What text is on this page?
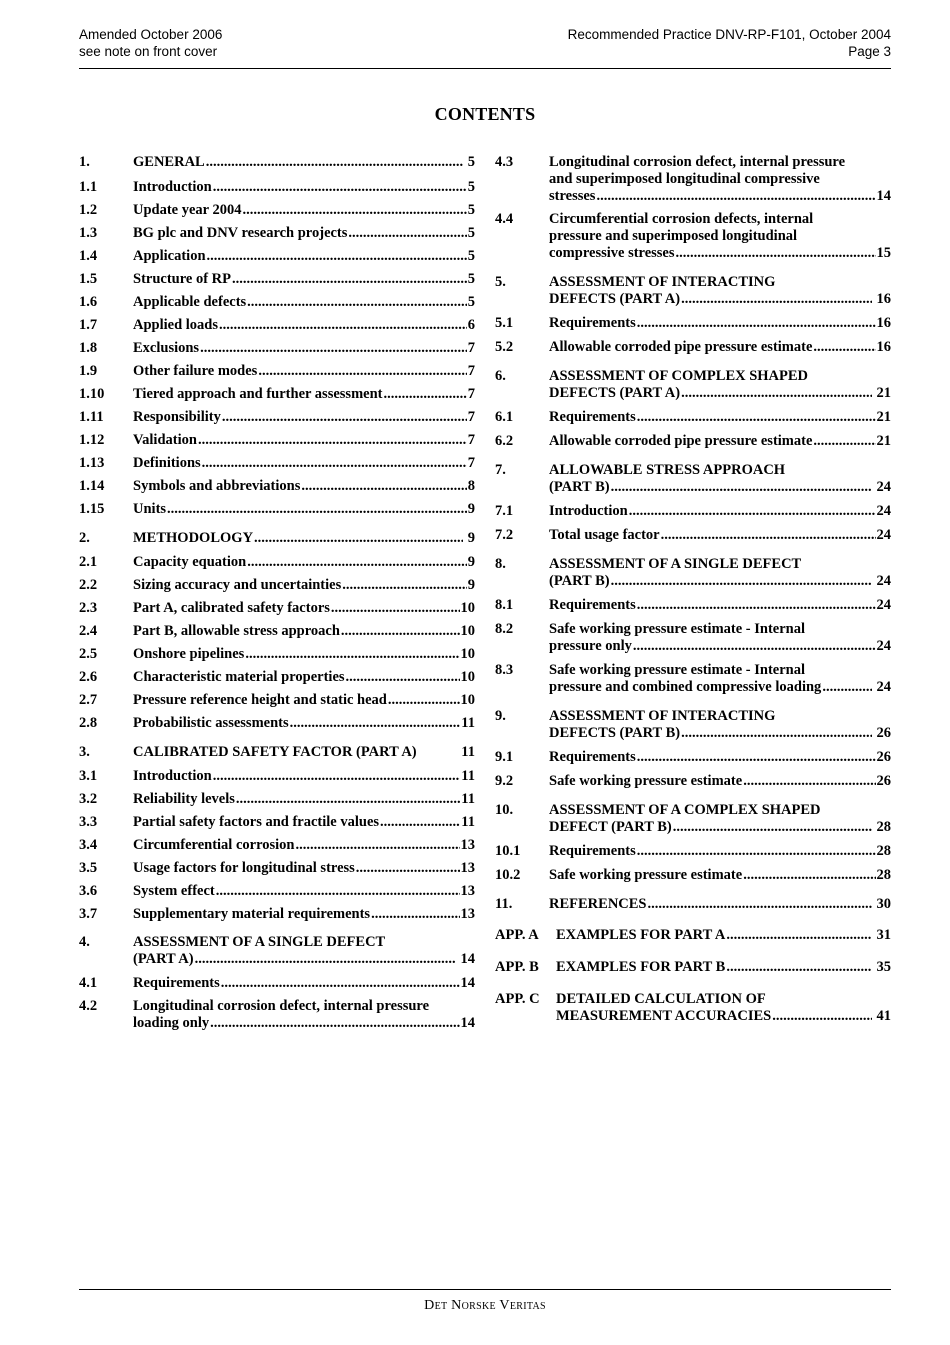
Amended October 2006
see note on front cover
Recommended Practice DNV-RP-F101, October 2004
Page 3
CONTENTS
1.	GENERAL .....	5
1.1	Introduction .....	5
1.2	Update year 2004 .....	5
1.3	BG plc and DNV research projects .....	5
1.4	Application .....	5
1.5	Structure of RP .....	5
1.6	Applicable defects .....	5
1.7	Applied loads .....	6
1.8	Exclusions .....	7
1.9	Other failure modes .....	7
1.10	Tiered approach and further assessment .....	7
1.11	Responsibility .....	7
1.12	Validation .....	7
1.13	Definitions .....	7
1.14	Symbols and abbreviations .....	8
1.15	Units .....	9
2.	METHODOLOGY .....	9
2.1	Capacity equation .....	9
2.2	Sizing accuracy and uncertainties .....	9
2.3	Part A, calibrated safety factors .....	10
2.4	Part B, allowable stress approach .....	10
2.5	Onshore pipelines .....	10
2.6	Characteristic material properties .....	10
2.7	Pressure reference height and static head .....	10
2.8	Probabilistic assessments .....	11
3.	CALIBRATED SAFETY FACTOR (PART A)	11
3.1	Introduction .....	11
3.2	Reliability levels .....	11
3.3	Partial safety factors and fractile values .....	11
3.4	Circumferential corrosion .....	13
3.5	Usage factors for longitudinal stress .....	13
3.6	System effect .....	13
3.7	Supplementary material requirements .....	13
4.	ASSESSMENT OF A SINGLE DEFECT
(PART A) .....	14
4.1	Requirements .....	14
4.2	Longitudinal corrosion defect, internal pressure
loading only .....	14
4.3	Longitudinal corrosion defect, internal pressure
and superimposed longitudinal compressive
stresses .....	14
4.4	Circumferential corrosion defects, internal
pressure and superimposed longitudinal
compressive stresses .....	15
5.	ASSESSMENT OF INTERACTING
DEFECTS (PART A) .....	16
5.1	Requirements .....	16
5.2	Allowable corroded pipe pressure estimate .....	16
6.	ASSESSMENT OF COMPLEX SHAPED
DEFECTS (PART A) .....	21
6.1	Requirements .....	21
6.2	Allowable corroded pipe pressure estimate .....	21
7.	ALLOWABLE STRESS APPROACH
(PART B) .....	24
7.1	Introduction .....	24
7.2	Total usage factor .....	24
8.	ASSESSMENT OF A SINGLE DEFECT
(PART B) .....	24
8.1	Requirements .....	24
8.2	Safe working pressure estimate - Internal
pressure only .....	24
8.3	Safe working pressure estimate - Internal
pressure and combined compressive loading .....	24
9.	ASSESSMENT OF INTERACTING
DEFECTS (PART B) .....	26
9.1	Requirements .....	26
9.2	Safe working pressure estimate .....	26
10.	ASSESSMENT OF A COMPLEX SHAPED
DEFECT (PART B) .....	28
10.1	Requirements .....	28
10.2	Safe working pressure estimate .....	28
11.	REFERENCES .....	30
APP. A	EXAMPLES FOR PART A .....	31
APP. B	EXAMPLES FOR PART B .....	35
APP. C	DETAILED CALCULATION OF
MEASUREMENT ACCURACIES .....	41
Det Norske Veritas
